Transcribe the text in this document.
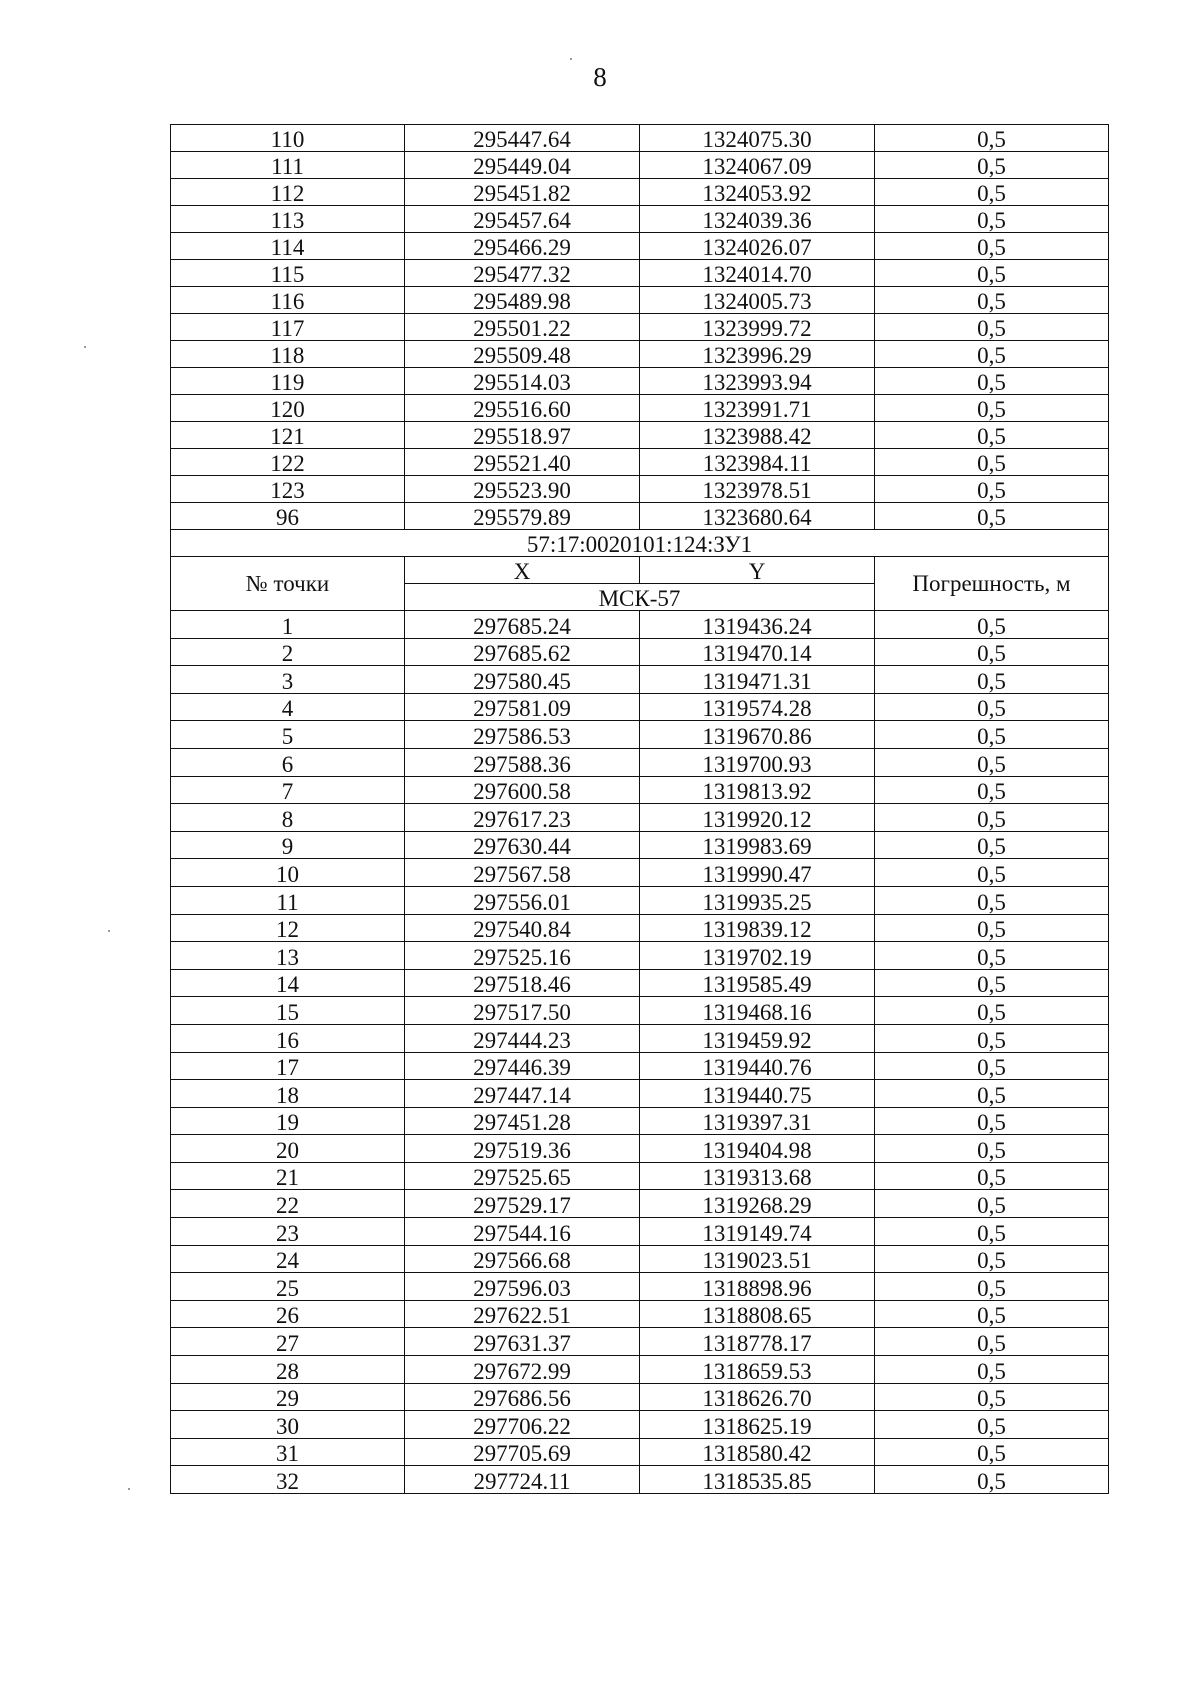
8
110	295447.64	1324075.30	0,5
111	295449.04	1324067.09	0,5
112	295451.82	1324053.92	0,5
113	295457.64	1324039.36	0,5
114	295466.29	1324026.07	0,5
115	295477.32	1324014.70	0,5
116	295489.98	1324005.73	0,5
117	295501.22	1323999.72	0,5
118	295509.48	1323996.29	0,5
119	295514.03	1323993.94	0,5
120	295516.60	1323991.71	0,5
121	295518.97	1323988.42	0,5
122	295521.40	1323984.11	0,5
123	295523.90	1323978.51	0,5
96	295579.89	1323680.64	0,5
57:17:0020101:124:ЗУ1			
№ точки	X	Y	Погрешность, м
	МСК-57		
1	297685.24	1319436.24	0,5
2	297685.62	1319470.14	0,5
3	297580.45	1319471.31	0,5
4	297581.09	1319574.28	0,5
5	297586.53	1319670.86	0,5
6	297588.36	1319700.93	0,5
7	297600.58	1319813.92	0,5
8	297617.23	1319920.12	0,5
9	297630.44	1319983.69	0,5
10	297567.58	1319990.47	0,5
11	297556.01	1319935.25	0,5
12	297540.84	1319839.12	0,5
13	297525.16	1319702.19	0,5
14	297518.46	1319585.49	0,5
15	297517.50	1319468.16	0,5
16	297444.23	1319459.92	0,5
17	297446.39	1319440.76	0,5
18	297447.14	1319440.75	0,5
19	297451.28	1319397.31	0,5
20	297519.36	1319404.98	0,5
21	297525.65	1319313.68	0,5
22	297529.17	1319268.29	0,5
23	297544.16	1319149.74	0,5
24	297566.68	1319023.51	0,5
25	297596.03	1318898.96	0,5
26	297622.51	1318808.65	0,5
27	297631.37	1318778.17	0,5
28	297672.99	1318659.53	0,5
29	297686.56	1318626.70	0,5
30	297706.22	1318625.19	0,5
31	297705.69	1318580.42	0,5
32	297724.11	1318535.85	0,5
